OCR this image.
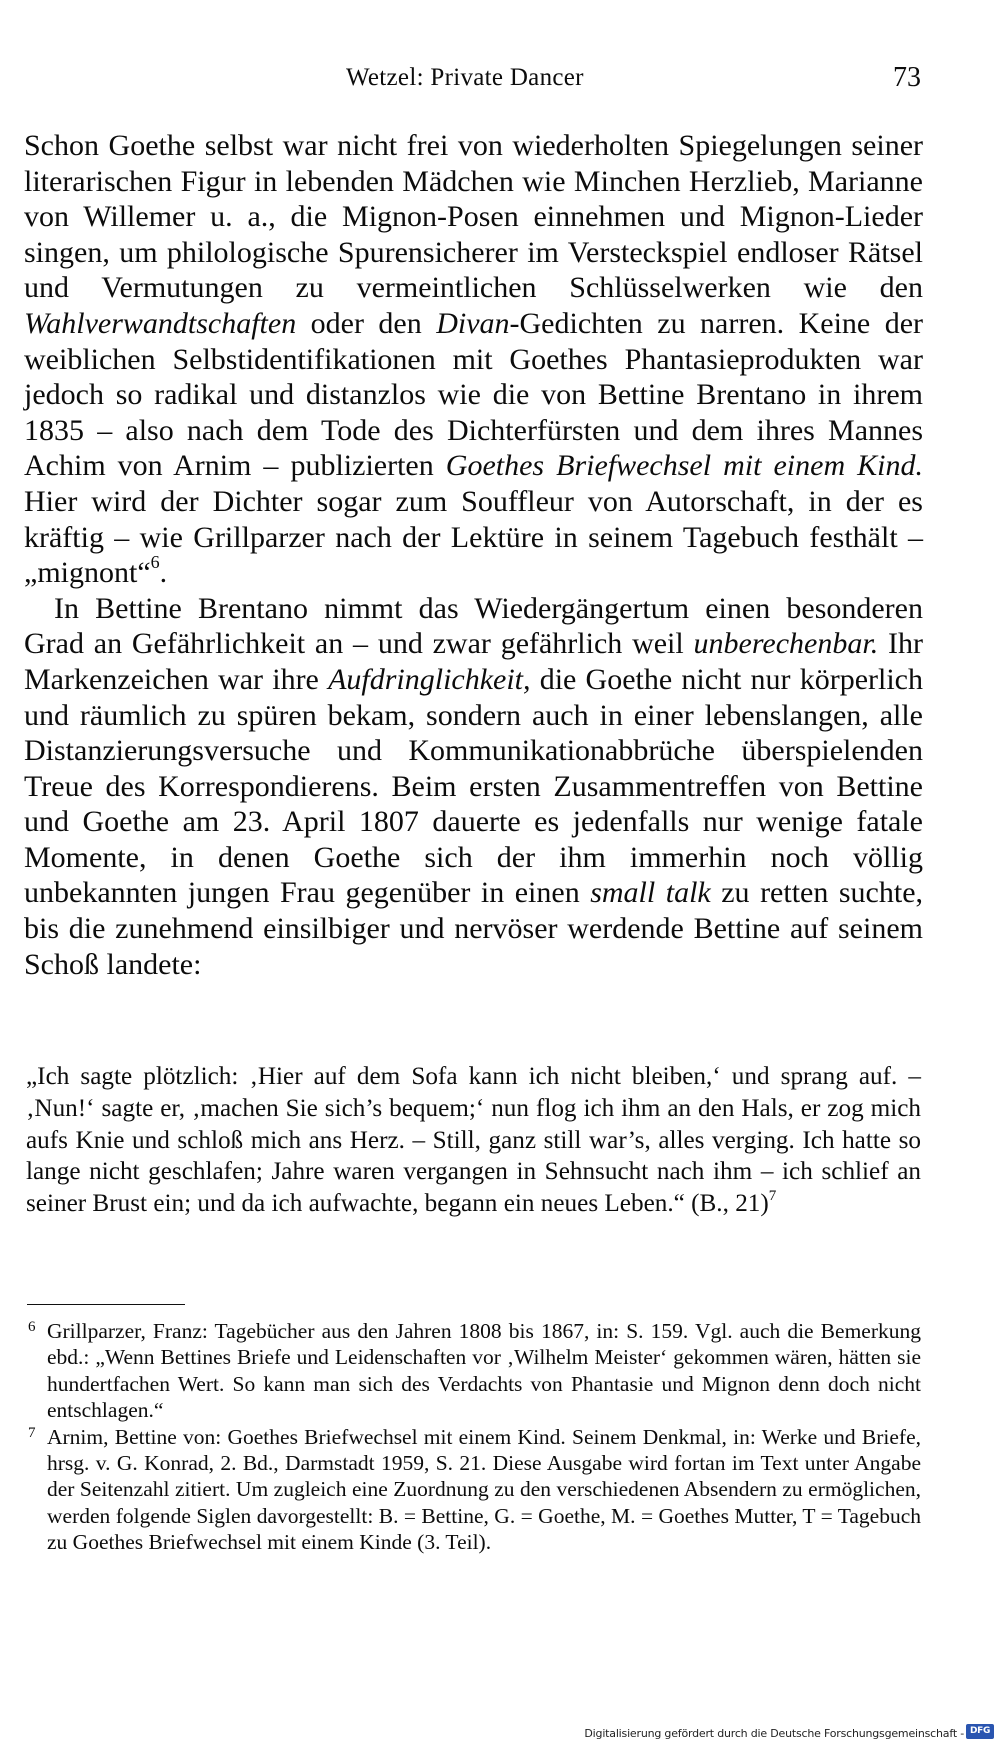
Wetzel: Private Dancer	73

Schon Goethe selbst war nicht frei von wiederholten Spiegelungen seiner literarischen Figur in lebenden Mädchen wie Minchen Herzlieb, Marianne von Willemer u. a., die Mignon-Posen einnehmen und Mignon-Lieder singen, um philologische Spurensicherer im Versteckspiel endloser Rätsel und Vermutungen zu vermeintlichen Schlüsselwerken wie den Wahlverwandtschaften oder den Divan-Gedichten zu narren. Keine der weiblichen Selbstidentifikationen mit Goethes Phantasieprodukten war jedoch so radikal und distanzlos wie die von Bettine Brentano in ihrem 1835 – also nach dem Tode des Dichterfürsten und dem ihres Mannes Achim von Arnim – publizierten Goethes Briefwechsel mit einem Kind. Hier wird der Dichter sogar zum Souffleur von Autorschaft, in der es kräftig – wie Grillparzer nach der Lektüre in seinem Tagebuch festhält – „mignont“$^6$.

In Bettine Brentano nimmt das Wiedergängertum einen besonderen Grad an Gefährlichkeit an – und zwar gefährlich weil unberechenbar. Ihr Markenzeichen war ihre Aufdringlichkeit, die Goethe nicht nur körperlich und räumlich zu spüren bekam, sondern auch in einer lebenslangen, alle Distanzierungsversuche und Kommunikationabbrüche überspielenden Treue des Korrespondierens. Beim ersten Zusammentreffen von Bettine und Goethe am 23. April 1807 dauerte es jedenfalls nur wenige fatale Momente, in denen Goethe sich der ihm immerhin noch völlig unbekannten jungen Frau gegenüber in einen small talk zu retten suchte, bis die zunehmend einsilbiger und nervöser werdende Bettine auf seinem Schoß landete:

„Ich sagte plötzlich: ‚Hier auf dem Sofa kann ich nicht bleiben,‘ und sprang auf. – ‚Nun!‘ sagte er, ‚machen Sie sich’s bequem;‘ nun flog ich ihm an den Hals, er zog mich aufs Knie und schloß mich ans Herz. – Still, ganz still war’s, alles verging. Ich hatte so lange nicht geschlafen; Jahre waren vergangen in Sehnsucht nach ihm – ich schlief an seiner Brust ein; und da ich aufwachte, begann ein neues Leben.“ (B., 21)$^7$

6 Grillparzer, Franz: Tagebücher aus den Jahren 1808 bis 1867, in: S. 159. Vgl. auch die Bemerkung ebd.: „Wenn Bettines Briefe und Leidenschaften vor ‚Wilhelm Meister‘ gekommen wären, hätten sie hundertfachen Wert. So kann man sich des Verdachts von Phantasie und Mignon denn doch nicht entschlagen.“

7 Arnim, Bettine von: Goethes Briefwechsel mit einem Kind. Seinem Denkmal, in: Werke und Briefe, hrsg. v. G. Konrad, 2. Bd., Darmstadt 1959, S. 21. Diese Ausgabe wird fortan im Text unter Angabe der Seitenzahl zitiert. Um zugleich eine Zuordnung zu den verschiedenen Absendern zu ermöglichen, werden folgende Siglen davorgestellt: B. = Bettine, G. = Goethe, M. = Goethes Mutter, T = Tagebuch zu Goethes Briefwechsel mit einem Kinde (3. Teil).

Digitalisierung gefördert durch die Deutsche Forschungsgemeinschaft - DFG
